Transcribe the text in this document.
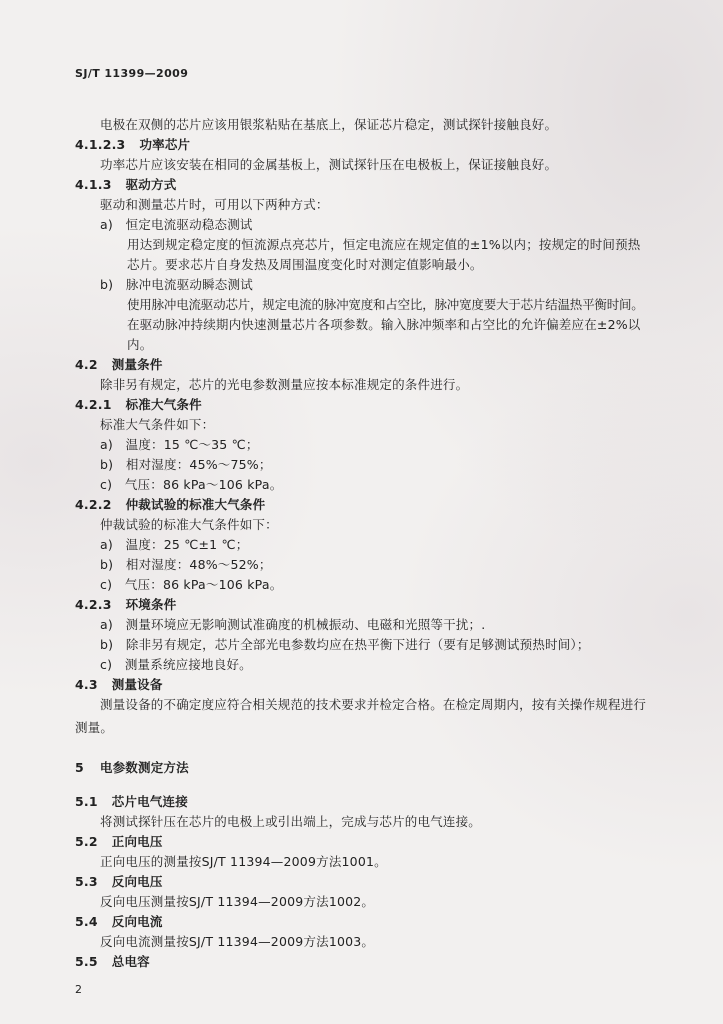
SJ/T 11399—2009
电极在双侧的芯片应该用银浆粘贴在基底上，保证芯片稳定，测试探针接触良好。
4.1.2.3 功率芯片
功率芯片应该安装在相同的金属基板上，测试探针压在电极板上，保证接触良好。
4.1.3 驱动方式
驱动和测量芯片时，可用以下两种方式：
a)　恒定电流驱动稳态测试
用达到规定稳定度的恒流源点亮芯片，恒定电流应在规定值的±1%以内；按规定的时间预热
芯片。要求芯片自身发热及周围温度变化时对测定值影响最小。
b)　脉冲电流驱动瞬态测试
使用脉冲电流驱动芯片，规定电流的脉冲宽度和占空比，脉冲宽度要大于芯片结温热平衡时间。
在驱动脉冲持续期内快速测量芯片各项参数。输入脉冲频率和占空比的允许偏差应在±2%以
内。
4.2 测量条件
除非另有规定，芯片的光电参数测量应按本标准规定的条件进行。
4.2.1 标准大气条件
标准大气条件如下：
a)　温度：15 ℃～35 ℃；
b)　相对湿度：45%～75%；
c)　气压：86 kPa～106 kPa。
4.2.2 仲裁试验的标准大气条件
仲裁试验的标准大气条件如下：
a)　温度：25 ℃±1 ℃；
b)　相对湿度：48%～52%；
c)　气压：86 kPa～106 kPa。
4.2.3 环境条件
a)　测量环境应无影响测试准确度的机械振动、电磁和光照等干扰；.
b)　除非另有规定，芯片全部光电参数均应在热平衡下进行（要有足够测试预热时间）；
c)　测量系统应接地良好。
4.3 测量设备
测量设备的不确定度应符合相关规范的技术要求并检定合格。在检定周期内，按有关操作规程进行
测量。
5 电参数测定方法
5.1 芯片电气连接
将测试探针压在芯片的电极上或引出端上，完成与芯片的电气连接。
5.2 正向电压
正向电压的测量按SJ/T 11394—2009方法1001。
5.3 反向电压
反向电压测量按SJ/T 11394—2009方法1002。
5.4 反向电流
反向电流测量按SJ/T 11394—2009方法1003。
5.5 总电容
2
